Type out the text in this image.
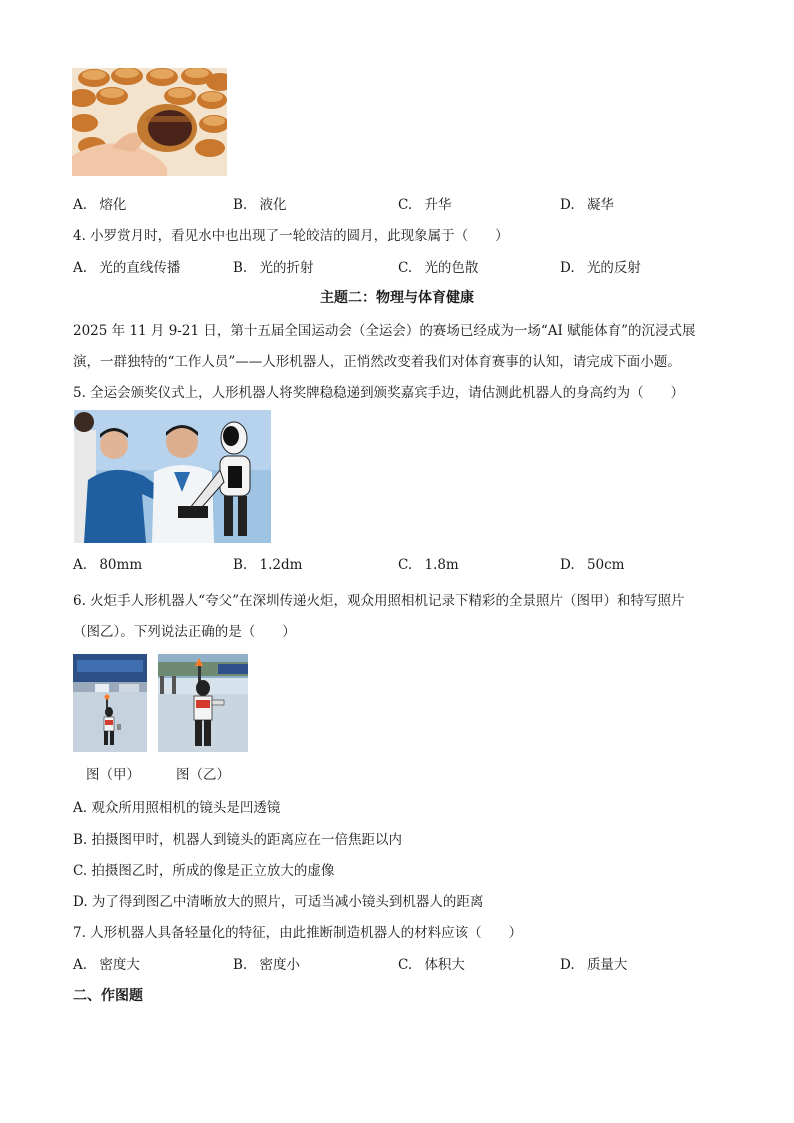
A. 熔化	B. 液化	C. 升华	D. 凝华
4. 小罗赏月时，看见水中也出现了一轮皎洁的圆月，此现象属于（　　）
A. 光的直线传播	B. 光的折射	C. 光的色散	D. 光的反射
主题二：物理与体育健康
2025 年 11 月 9-21 日，第十五届全国运动会（全运会）的赛场已经成为一场“AI 赋能体育”的沉浸式展
演，一群独特的“工作人员”——人形机器人，正悄然改变着我们对体育赛事的认知，请完成下面小题。
5. 全运会颁奖仪式上，人形机器人将奖牌稳稳递到颁奖嘉宾手边，请估测此机器人的身高约为（　　）
A. 80mm	B. 1.2dm	C. 1.8m	D. 50cm
6. 火炬手人形机器人“夸父”在深圳传递火炬，观众用照相机记录下精彩的全景照片（图甲）和特写照片
（图乙）。下列说法正确的是（　　）
图（甲）	图（乙）
A. 观众所用照相机的镜头是凹透镜
B. 拍摄图甲时，机器人到镜头的距离应在一倍焦距以内
C. 拍摄图乙时，所成的像是正立放大的虚像
D. 为了得到图乙中清晰放大的照片，可适当减小镜头到机器人的距离
7. 人形机器人具备轻量化的特征，由此推断制造机器人的材料应该（　　）
A. 密度大	B. 密度小	C. 体积大	D. 质量大
二、作图题
